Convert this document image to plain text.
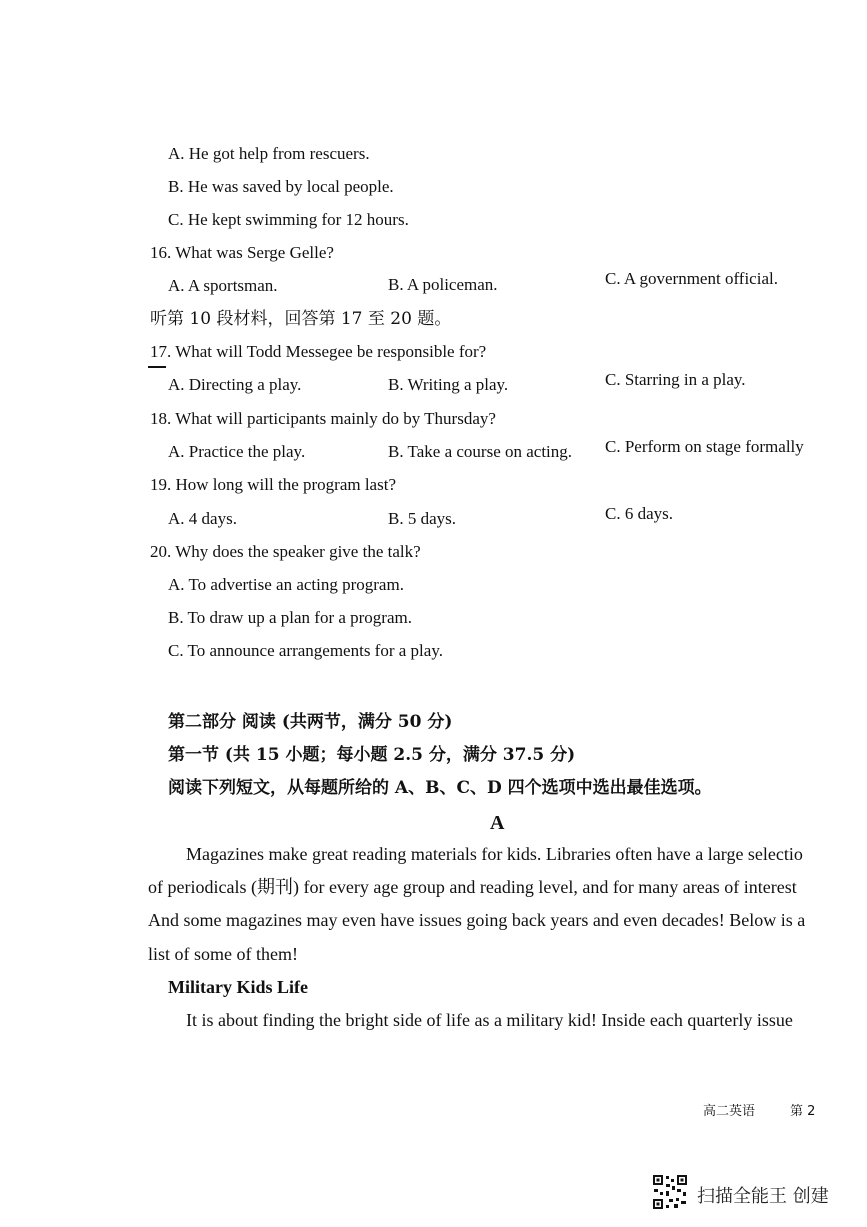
A. He got help from rescuers.
B. He was saved by local people.
C. He kept swimming for 12 hours.
16. What was Serge Gelle?
A. A sportsman.	B. A policeman.	C. A government official.
听第 10 段材料，回答第 17 至 20 题。
17. What will Todd Messegee be responsible for?
A. Directing a play.	B. Writing a play.	C. Starring in a play.
18. What will participants mainly do by Thursday?
A. Practice the play.	B. Take a course on acting. C. Perform on stage formally
19. How long will the program last?
A. 4 days.	B. 5 days.	C. 6 days.
20. Why does the speaker give the talk?
A. To advertise an acting program.
B. To draw up a plan for a program.
C. To announce arrangements for a play.
第二部分 阅读 (共两节，满分 50 分)
第一节 (共 15 小题；每小题 2.5 分，满分 37.5 分)
阅读下列短文，从每题所给的 A、B、C、D 四个选项中选出最佳选项。
A
Magazines make great reading materials for kids. Libraries often have a large selectio
of periodicals (期刊) for every age group and reading level, and for many areas of interest
And some magazines may even have issues going back years and even decades! Below is a
list of some of them!
Military Kids Life
It is about finding the bright side of life as a military kid! Inside each quarterly issue
高二英语	第 2
扫描全能王 创建
